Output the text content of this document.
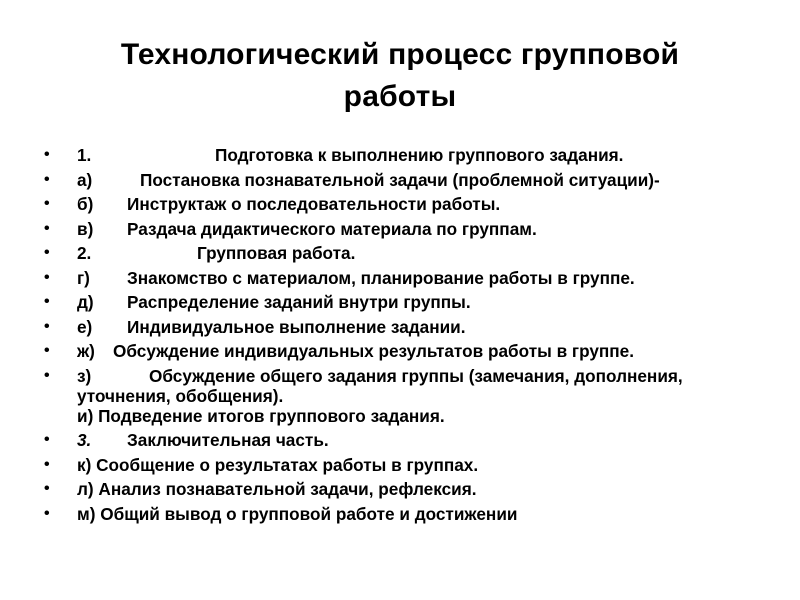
Технологический процесс групповой
работы
• 1.	Подготовка к выполнению группового задания.
• а)	Постановка познавательной задачи (проблемной ситуации)-
• б) Инструктаж о последовательности работы.
• в) Раздача дидактического материала по группам.
• 2.	Групповая работа.
• г) Знакомство с материалом, планирование работы в группе.
• д) Распределение заданий внутри группы.
• е) Индивидуальное выполнение задании.
• ж) Обсуждение индивидуальных результатов работы в группе.
• з)	Обсуждение общего задания группы (замечания, дополнения, уточнения, обобщения).
и) Подведение итогов группового задания.
• 3. Заключительная часть.
• к) Сообщение о результатах работы в группах.
• л) Анализ познавательной задачи, рефлексия.
• м) Общий вывод о групповой работе и достижении
